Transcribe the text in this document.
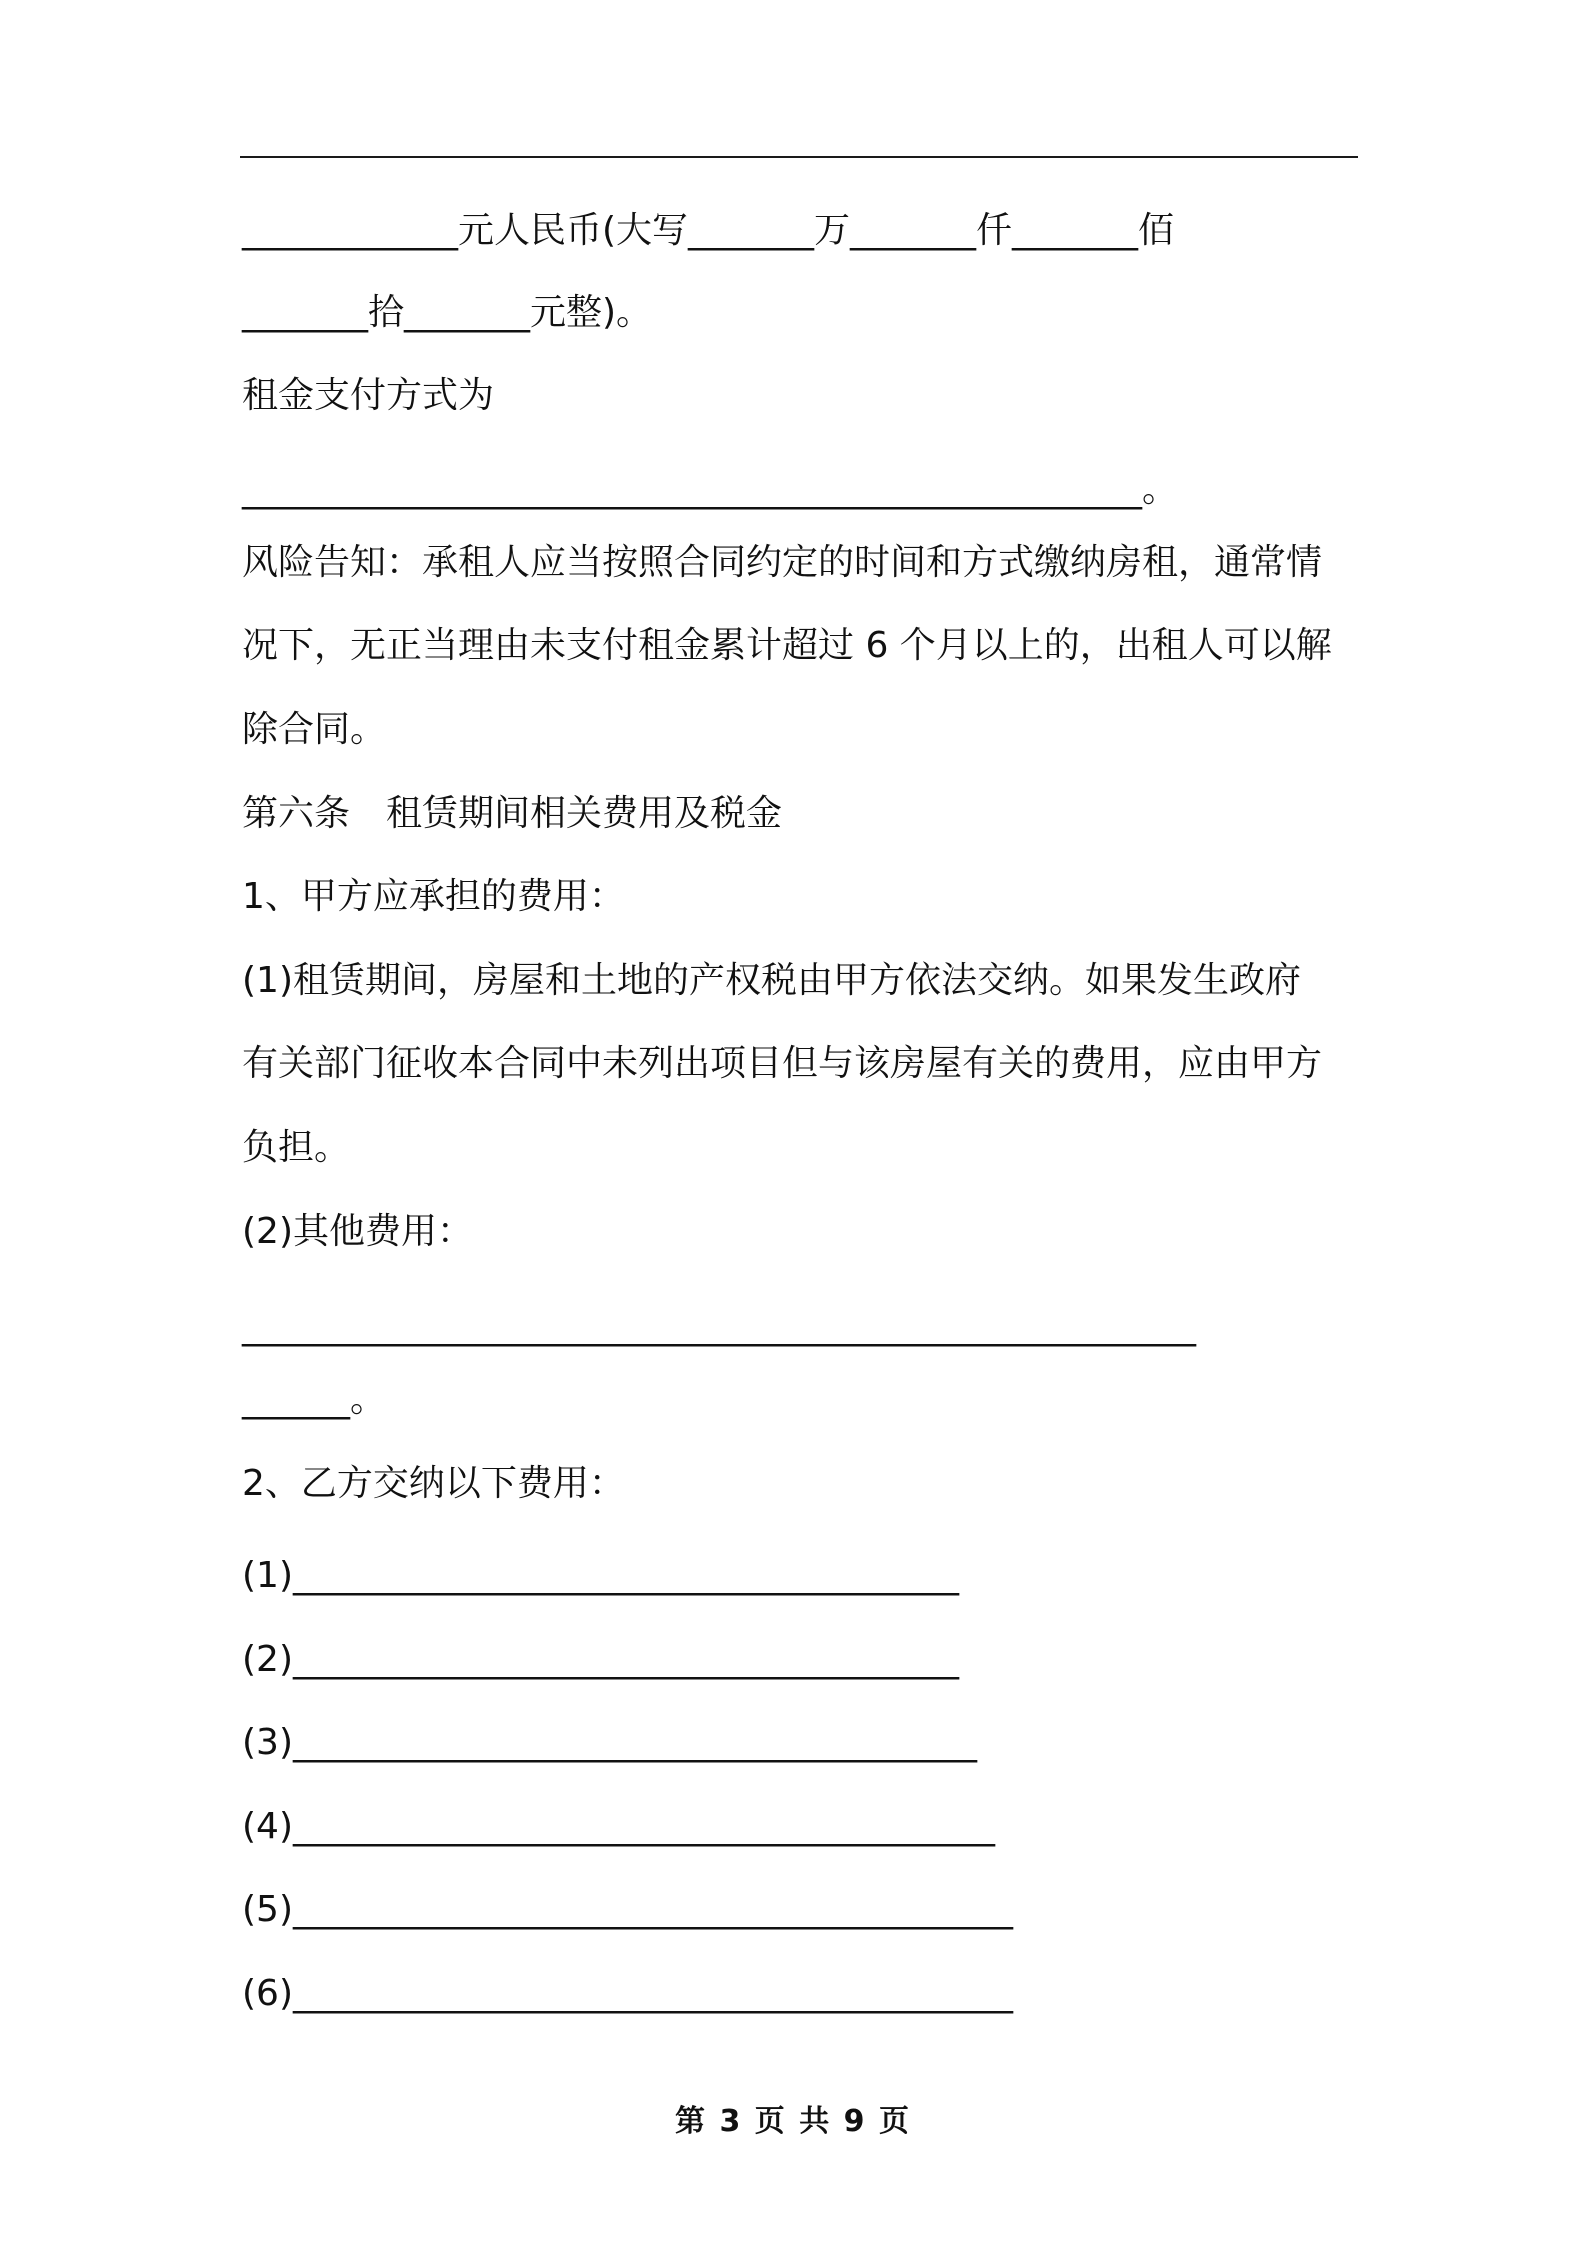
____________元人民币(大写_______万_______仟_______佰
_______拾_______元整)。
租金支付方式为
__________________________________________________。
风险告知：承租人应当按照合同约定的时间和方式缴纳房租，通常情
况下，无正当理由未支付租金累计超过 6 个月以上的，出租人可以解
除合同。
第六条　租赁期间相关费用及税金
1、甲方应承担的费用：
(1)租赁期间，房屋和土地的产权税由甲方依法交纳。如果发生政府
有关部门征收本合同中未列出项目但与该房屋有关的费用，应由甲方
负担。
(2)其他费用：
_____________________________________________________
______。
2、乙方交纳以下费用：
(1)_____________________________________
(2)_____________________________________
(3)______________________________________
(4)_______________________________________
(5)________________________________________
(6)________________________________________
第 3 页 共 9 页
